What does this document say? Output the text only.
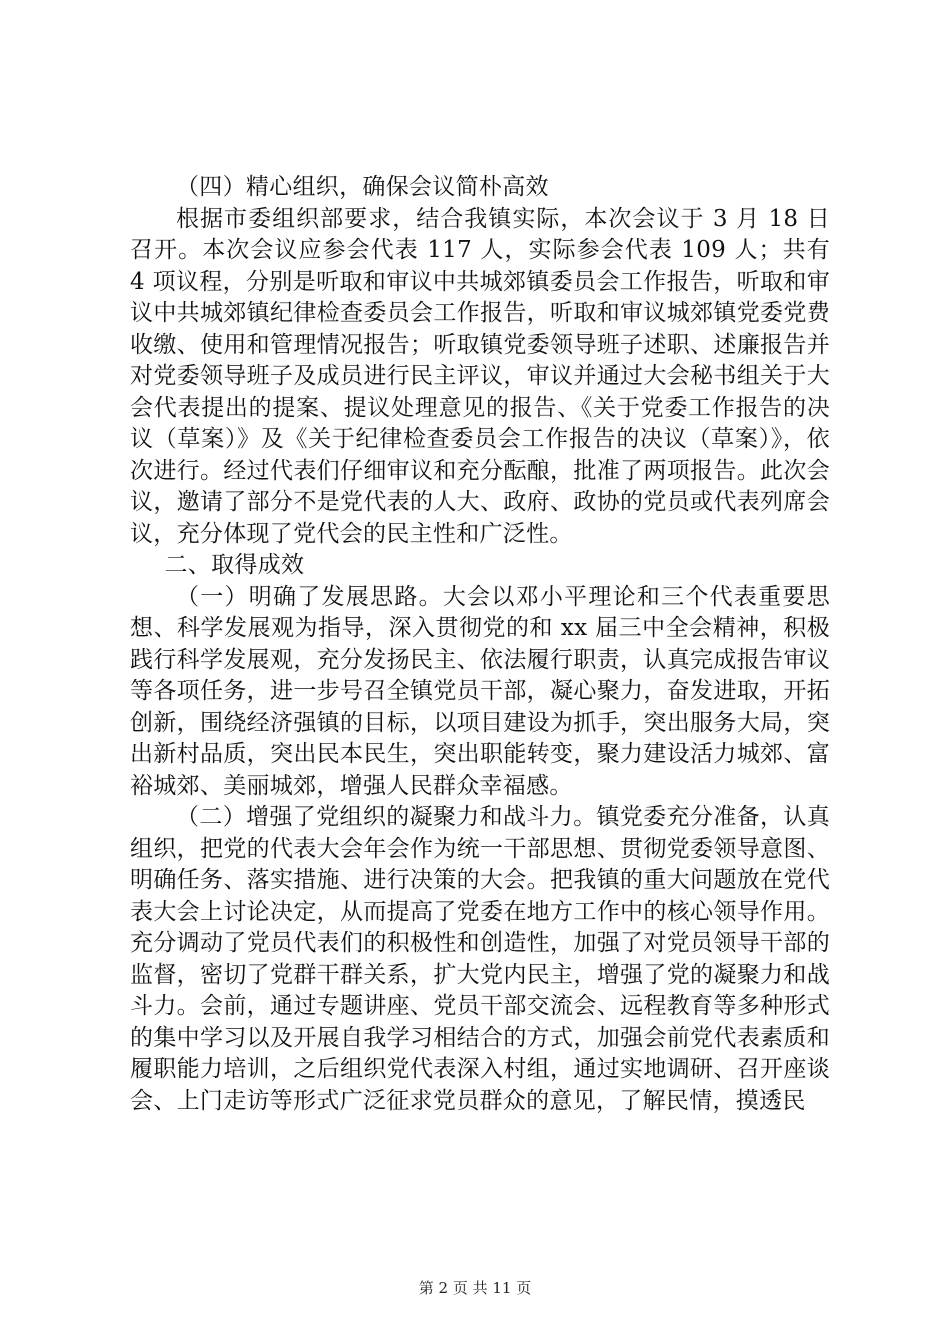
（四）精心组织，确保会议简朴高效

根据市委组织部要求，结合我镇实际，本次会议于 3 月 18 日召开。本次会议应参会代表 117 人，实际参会代表 109 人；共有 4 项议程，分别是听取和审议中共城郊镇委员会工作报告，听取和审议中共城郊镇纪律检查委员会工作报告，听取和审议城郊镇党委党费收缴、使用和管理情况报告；听取镇党委领导班子述职、述廉报告并对党委领导班子及成员进行民主评议，审议并通过大会秘书组关于大会代表提出的提案、提议处理意见的报告、《关于党委工作报告的决议（草案）》及《关于纪律检查委员会工作报告的决议（草案）》，依次进行。经过代表们仔细审议和充分酝酿，批准了两项报告。此次会议，邀请了部分不是党代表的人大、政府、政协的党员或代表列席会议，充分体现了党代会的民主性和广泛性。

二、取得成效

（一）明确了发展思路。大会以邓小平理论和三个代表重要思想、科学发展观为指导，深入贯彻党的和 xx 届三中全会精神，积极践行科学发展观，充分发扬民主、依法履行职责，认真完成报告审议等各项任务，进一步号召全镇党员干部，凝心聚力，奋发进取，开拓创新，围绕经济强镇的目标，以项目建设为抓手，突出服务大局，突出新村品质，突出民本民生，突出职能转变，聚力建设活力城郊、富裕城郊、美丽城郊，增强人民群众幸福感。

（二）增强了党组织的凝聚力和战斗力。镇党委充分准备，认真组织，把党的代表大会年会作为统一干部思想、贯彻党委领导意图、明确任务、落实措施、进行决策的大会。把我镇的重大问题放在党代表大会上讨论决定，从而提高了党委在地方工作中的核心领导作用。充分调动了党员代表们的积极性和创造性，加强了对党员领导干部的监督，密切了党群干群关系，扩大党内民主，增强了党的凝聚力和战斗力。会前，通过专题讲座、党员干部交流会、远程教育等多种形式的集中学习以及开展自我学习相结合的方式，加强会前党代表素质和履职能力培训，之后组织党代表深入村组，通过实地调研、召开座谈会、上门走访等形式广泛征求党员群众的意见，了解民情，摸透民

第 2 页 共 11 页
